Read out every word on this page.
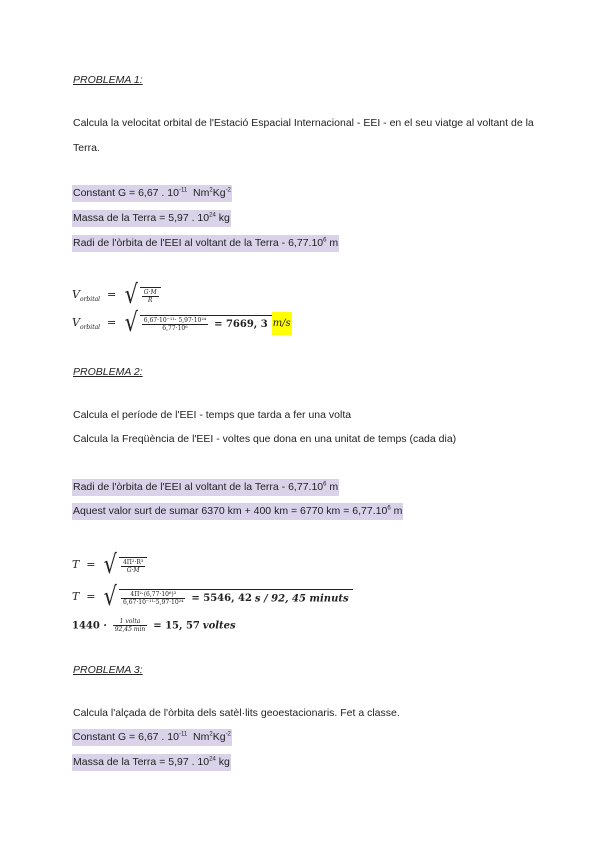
PROBLEMA 1:
Calcula la velocitat orbital de l'Estació Espacial Internacional - EEI - en el seu viatge al voltant de la
Terra.
Constant G = 6,67 . $10^{-11}$ $Nm^2Kg^{-2}$
Massa de la Terra = 5,97 . $10^{24}$ kg
Radi de l'òrbita de l'EEI al voltant de la Terra - 6,77.10$^6$ m
$V_{orbital}$ = √ $\frac{G\cdot M}{R}$
$V_{orbital}$ = √ $\frac{\text{6,67·10⁻¹¹· 5,97·10²⁴}}{\text{6,77·10⁶}} = 7669$, 3 m/s
PROBLEMA 2:
Calcula el període de l'EEI - temps que tarda a fer una volta
Calcula la Freqüència de l'EEI - voltes que dona en una unitat de temps (cada dia)
Radi de l'òrbita de l'EEI al voltant de la Terra - 6,77.10$^6$ m
Aquest valor surt de sumar 6370 km + 400 km = 6770 km = $6,77.10^6$ m
T = √ $\frac{\text{4Π²·R³}}{G\cdot M}$
T = √ $\frac{\text{4Π²·(6,77·10⁶)³}}{\text{6,67·10⁻¹¹·5,97·10²⁴}} = 5546$, 42 s / 92, 45 minuts
$1440 \cdot \frac{\text{1 volta}}{92,45 \min} = 15$, 57 voltes
PROBLEMA 3:
Calcula l'alçada de l'òrbita dels satèl·lits geoestacionaris. Fet a classe.
Constant G = 6,67 . $10^{-11}$ $Nm^2Kg^{-2}$
Massa de la Terra = 5,97 . $10^{24}$ kg
